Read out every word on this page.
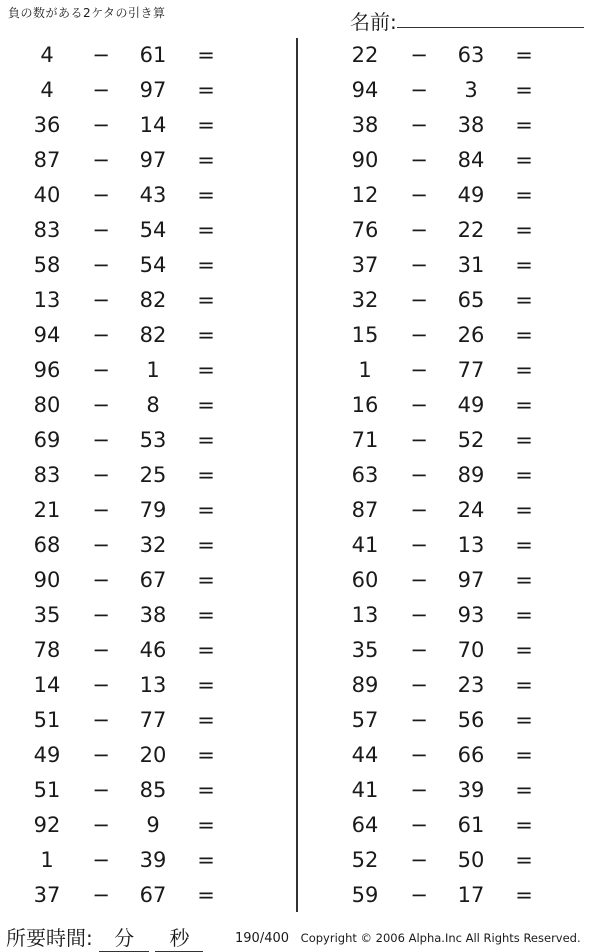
負の数がある2ケタの引き算	名前:
4	−	61	=
4	−	97	=
36	−	14	=
87	−	97	=
40	−	43	=
83	−	54	=
58	−	54	=
13	−	82	=
94	−	82	=
96	−	1	=
80	−	8	=
69	−	53	=
83	−	25	=
21	−	79	=
68	−	32	=
90	−	67	=
35	−	38	=
78	−	46	=
14	−	13	=
51	−	77	=
49	−	20	=
51	−	85	=
92	−	9	=
1	−	39	=
37	−	67	=
22	−	63	=
94	−	3	=
38	−	38	=
90	−	84	=
12	−	49	=
76	−	22	=
37	−	31	=
32	−	65	=
15	−	26	=
1	−	77	=
16	−	49	=
71	−	52	=
63	−	89	=
87	−	24	=
41	−	13	=
60	−	97	=
13	−	93	=
35	−	70	=
89	−	23	=
57	−	56	=
44	−	66	=
41	−	39	=
64	−	61	=
52	−	50	=
59	−	17	=
所要時間: 分 秒	190/400 Copyright © 2006 Alpha.Inc All Rights Reserved.
